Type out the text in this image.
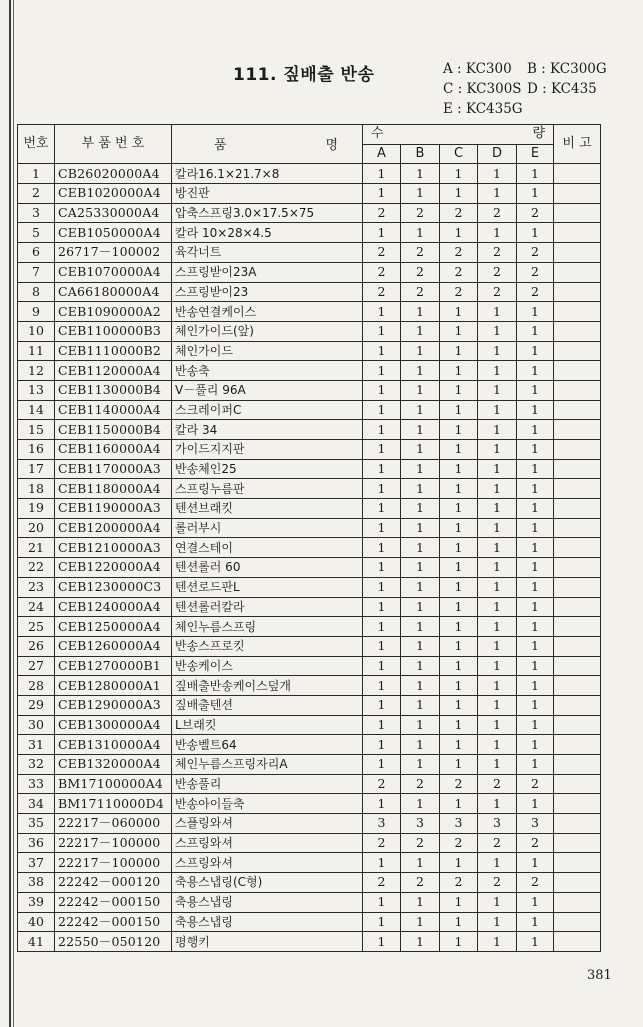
111. 짚배출 반송	A : KC300 B : KC300G
C : KC300S D : KC435
E : KC435G
번호	부 품 번 호	품 명	수 량					비 고
			A	B	C	D	E	
1	CB26020000A4	칼라16.1×21.7×8	1	1	1	1	1	
2	CEB1020000A4	방진판	1	1	1	1	1	
3	CA25330000A4	압축스프링3.0×17.5×75	2	2	2	2	2	
5	CEB1050000A4	칼라 10×28×4.5	1	1	1	1	1	
6	26717－100002	육각너트	2	2	2	2	2	
7	CEB1070000A4	스프링받이23A	2	2	2	2	2	
8	CA66180000A4	스프링받이23	2	2	2	2	2	
9	CEB1090000A2	반송연결케이스	1	1	1	1	1	
10	CEB1100000B3	체인가이드(앞)	1	1	1	1	1	
11	CEB1110000B2	체인가이드	1	1	1	1	1	
12	CEB1120000A4	반송축	1	1	1	1	1	
13	CEB1130000B4	V－풀리 96A	1	1	1	1	1	
14	CEB1140000A4	스크레이퍼C	1	1	1	1	1	
15	CEB1150000B4	칼라 34	1	1	1	1	1	
16	CEB1160000A4	가이드지지판	1	1	1	1	1	
17	CEB1170000A3	반송체인25	1	1	1	1	1	
18	CEB1180000A4	스프링누름판	1	1	1	1	1	
19	CEB1190000A3	텐션브래킷	1	1	1	1	1	
20	CEB1200000A4	롤러부시	1	1	1	1	1	
21	CEB1210000A3	연결스테이	1	1	1	1	1	
22	CEB1220000A4	텐션롤러 60	1	1	1	1	1	
23	CEB1230000C3	텐션로드판L	1	1	1	1	1	
24	CEB1240000A4	텐션롤러칼라	1	1	1	1	1	
25	CEB1250000A4	체인누름스프링	1	1	1	1	1	
26	CEB1260000A4	반송스프로킷	1	1	1	1	1	
27	CEB1270000B1	반송케이스	1	1	1	1	1	
28	CEB1280000A1	짚배출반송케이스덮개	1	1	1	1	1	
29	CEB1290000A3	짚배출텐션	1	1	1	1	1	
30	CEB1300000A4	L브래킷	1	1	1	1	1	
31	CEB1310000A4	반송벨트64	1	1	1	1	1	
32	CEB1320000A4	체인누름스프링자리A	1	1	1	1	1	
33	BM17100000A4	반송풀리	2	2	2	2	2	
34	BM17110000D4	반송아이들축	1	1	1	1	1	
35	22217－060000	스플링와셔	3	3	3	3	3	
36	22217－100000	스프링와셔	2	2	2	2	2	
37	22217－100000	스프링와셔	1	1	1	1	1	
38	22242－000120	축용스냅링(C형)	2	2	2	2	2	
39	22242－000150	축용스냅링	1	1	1	1	1	
40	22242－000150	축용스냅링	1	1	1	1	1	
41	22550－050120	평행키	1	1	1	1	1	
381
